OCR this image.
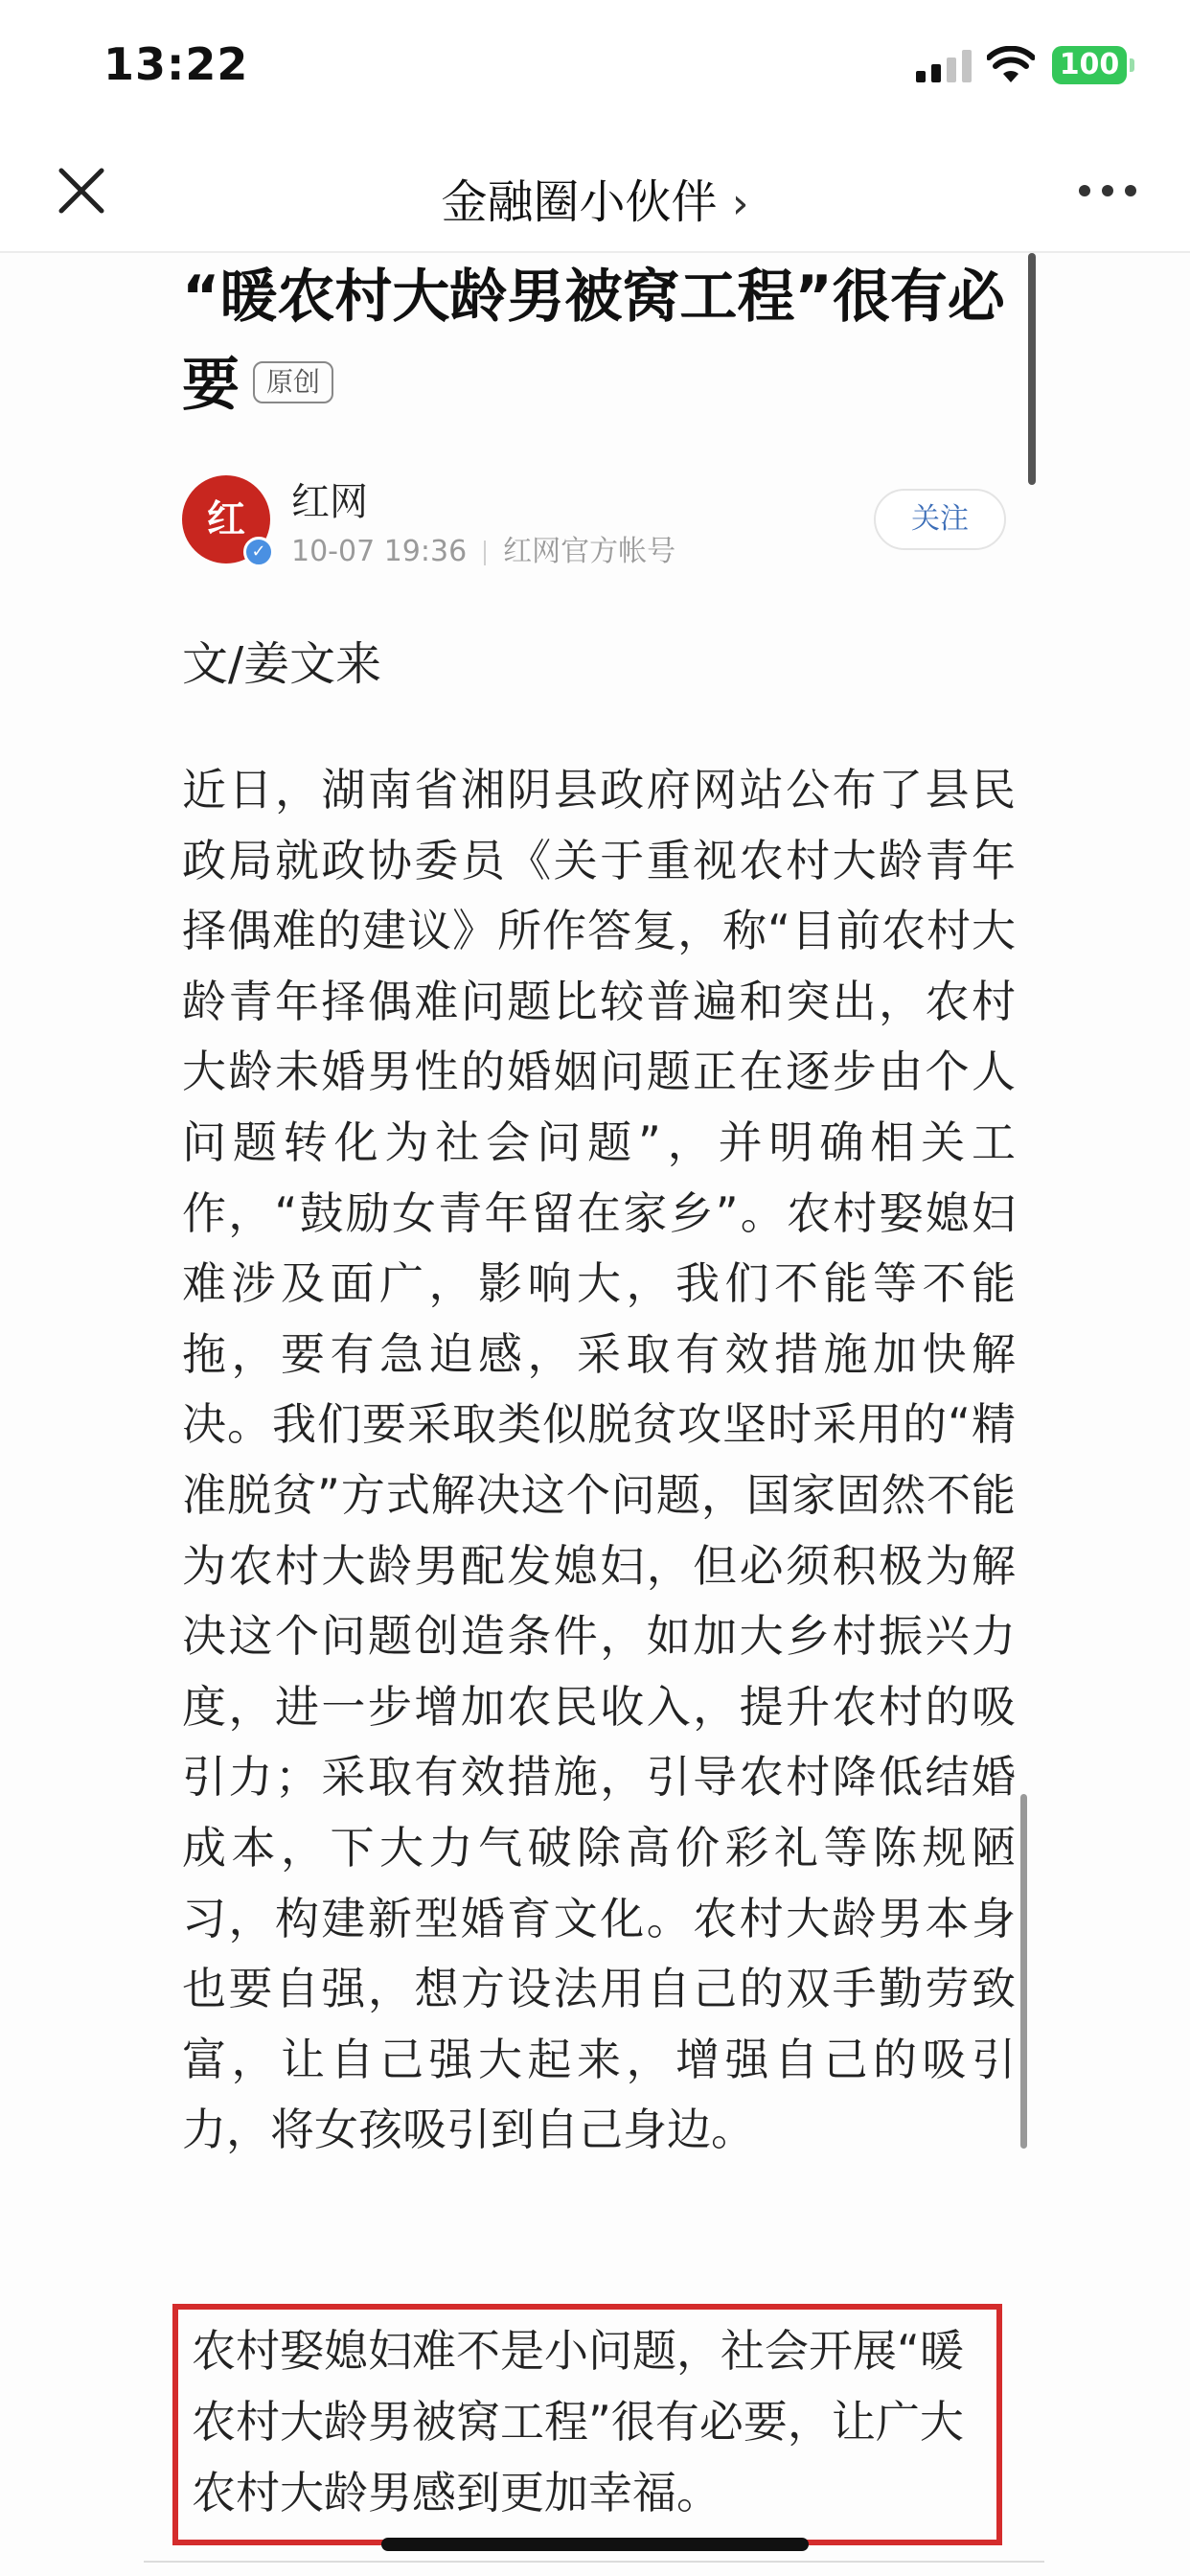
13:22	100
金融圈小伙伴 ›
“暖农村大龄男被窝工程”很有必要 原创
红
✓
红网
10-07 19:36 红网官方帐号
关注
文/姜文来
近日，湖南省湘阴县政府网站公布了县民政局就政协委员《关于重视农村大龄青年择偶难的建议》所作答复，称“目前农村大龄青年择偶难问题比较普遍和突出，农村大龄未婚男性的婚姻问题正在逐步由个人问题转化为社会问题”，并明确相关工作，“鼓励女青年留在家乡”。农村娶媳妇难涉及面广，影响大，我们不能等不能拖，要有急迫感，采取有效措施加快解决。我们要采取类似脱贫攻坚时采用的“精准脱贫”方式解决这个问题，国家固然不能为农村大龄男配发媳妇，但必须积极为解决这个问题创造条件，如加大乡村振兴力度，进一步增加农民收入，提升农村的吸引力；采取有效措施，引导农村降低结婚成本，下大力气破除高价彩礼等陈规陋习，构建新型婚育文化。农村大龄男本身也要自强，想方设法用自己的双手勤劳致富，让自己强大起来，增强自己的吸引力，将女孩吸引到自己身边。
农村娶媳妇难不是小问题，社会开展“暖农村大龄男被窝工程”很有必要，让广大农村大龄男感到更加幸福。
